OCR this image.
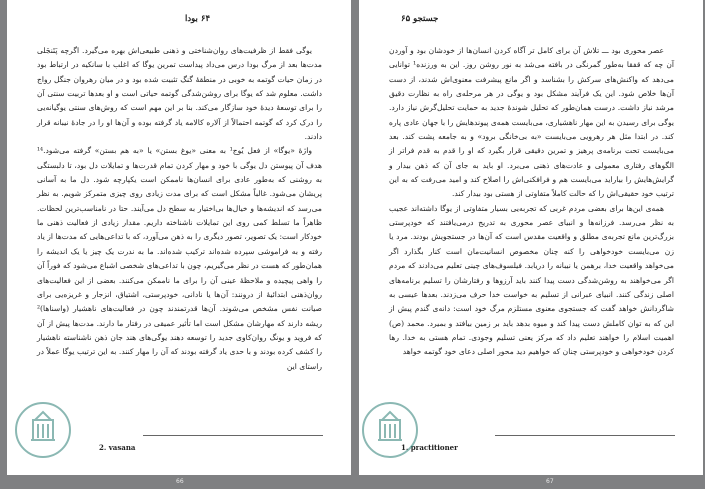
۶۴ بودا

یوگی فقط از ظرفیت‌های روان‌شناختی و ذهنی طبیعی‌اش بهره می‌گیرد. اگرچه پَتَنجَلی مدت‌ها بعد از مرگ بودا درس می‌داد پیداست تمرین یوگا که اغلب با سانکیه در ارتباط بود در زمان حیات گوتمه به خوبی در منطقهٔ گنگ تثبیت شده بود و در میان رهروان جنگل رواج داشت. معلوم شد که یوگا برای روشن‌شدگی گوتمه حیاتی است و او بعدها تربیت سنتی آن را برای توسعهٔ دیدهٔ خود سازگار می‌کند. بنا بر این مهم است که روش‌های سنتی یوگیانه‌یی را درک کرد که گوتمه احتمالاً از آلاره کالامه یاد گرفته بوده و آن‌ها او را در جادهٔ نیبانه قرار دادند.

واژهٔ «یوگا» از فعل یُوج¹ به معنی «یوغ بستن» یا «به هم بستن» گرفته می‌شود.¹⁴ هدف آن پیوستن دل یوگی با خود و مهار کردن تمام قدرت‌ها و تمایلات دل بود، تا دلبستگی به روشنی که به‌طور عادی برای انسان‌ها ناممکن است یکپارچه شود. دل ما به آسانی پریشان می‌شود. غالباً مشکل است که برای مدت زیادی روی چیزی متمرکز شویم. به نظر می‌رسد که اندیشه‌ها و خیال‌ها بی‌اختیار به سطح دل می‌آیند. حتا در نامناسب‌ترین لحظات. ظاهراً ما تسلط کمی روی این تمایلات ناشناخته داریم. مقدار زیادی از فعالیت ذهنی ما خودکار است: یک تصویر، تصور دیگری را به ذهن می‌آورد، که با تداعی‌هایی که مدت‌ها از یاد رفته و به فراموشی سپرده شده‌اند ترکیب شده‌اند. ما به ندرت یک چیز یا یک اندیشه را همان‌طور که هست در نظر می‌گیریم، چون با تداعی‌های شخصی اشباع می‌شود که فوراً آن را واهی پیچیده و ملاحظهٔ عینی آن را برای ما ناممکن می‌کنند. بعضی از این فعالیت‌های روان‌ذهنی ابتدائیهٔ از درونند: آن‌ها یا نادانی، خودپرستی، اشتیاق، انزجار و غریزه‌یی برای صیانت نفس مشخص می‌شوند. آن‌ها قدرتمندند چون در فعالیت‌های ناهشیار (واسنا‌ها)² ریشه دارند که مهارشان مشکل است اما تأثیر عمیقی در رفتار ما دارند. مدت‌ها پیش از آن که فروید و یونگ روان‌کاوی جدید را توسعه دهند یوگی‌های هند جان ذهن ناشناسته ناهشیار را کشف کرده بودند و با حدی یاد گرفته بودند که آن را مهار کنند. به این ترتیب یوگا عملاً در راستای این

2. vasana
جستجو ۶۵

عصر محوری بود ـــ تلاش آن برای کامل تر آگاه کردن انسان‌ها از خودشان بود و آوردن آن چه که قفقا به‌طور گمرنگی در بافته می‌شد به نور روشن روز. این به ورزنده¹ توانایی می‌دهد که واکنش‌های سرکش را بشناسد و اگر مانع پیشرفت معنوی‌اش شدند، از دست آن‌ها خلاص شود. این یک فرآیند مشکل بود و یوگی در هر مرحله‌ی راه به نظارت دقیق مرشد نیاز داشت. درست همان‌طور که تحلیل شوندهٔ جدید به حمایت تحلیل‌گرش نیاز دارد. یوگی برای رسیدن به این مهار ناهشیاری، می‌بایست همه‌ی پیوندهایش را با جهان عادی پاره کند. در ابتدا مثل هر رهرویی می‌بایست «به بی‌خانگی برود» و به جامعه پشت کند. بعد می‌بایست تحت برنامه‌ی پرهیز و تمرین دقیقی قرار بگیرد که او را قدم به قدم فراتر از الگوهای رفتاری معمولی و عادت‌های ذهنی می‌برد. او باید به جای آن که ذهن بیدار و گرایش‌هایش را بیاراید می‌بایست هم و فرافکنی‌اش را اصلاح کند و امید می‌رفت که به این ترتیب خود حقیقی‌اش را که حالت کاملاً متفاوتی از هستی بود بیدار کند.

همه‌ی این‌ها برای بعضی مردم غربی که تجربه‌یی بسیار متفاوتی از یوگا داشته‌اند عجیب به نظر می‌رسد. فرزانه‌ها و انبیای عصر محوری به تدریج درمی‌یافتند که خودپرستی بزرگ‌ترین مانع تجربه‌ی مطلق و واقعیت مقدس است که آن‌ها در جستجویش بودند. مرد یا زن می‌بایست خودخواهی را کنه چنان مخصوص انسانیت‌مان است کنار بگذارد اگر می‌خواهد واقعیت خدا، برهمن یا نیبانه را دریابد. فیلسوف‌های چینی تعلیم می‌دادند که مردم اگر می‌خواهند به روشن‌شدگی دست پیدا کنند باید آرزوها و رفتارشان را تسلیم برنامه‌های اصلی زندگی کنند. انبیای عبرانی از تسلیم به خواست خدا حرف می‌زدند. بعدها عیسی به شاگردانش خواهد گفت که جستجوی معنوی مستلزم مرگ خود است: دانه‌ی گندم پیش از این که به توان کاملش دست پیدا کند و میوه بدهد باید بر زمین بیافتد و بمیرد. محمد (ص) اهمیت اسلام را خواهند تعلیم داد که مرکز یعنی تسلیم وجودی. تمام هستی به خدا. رها کردن خودخواهی و خودپرستی چنان که خواهیم دید محور اصلی دعای خود گوتمه خواهد

1. practitioner
66	67
